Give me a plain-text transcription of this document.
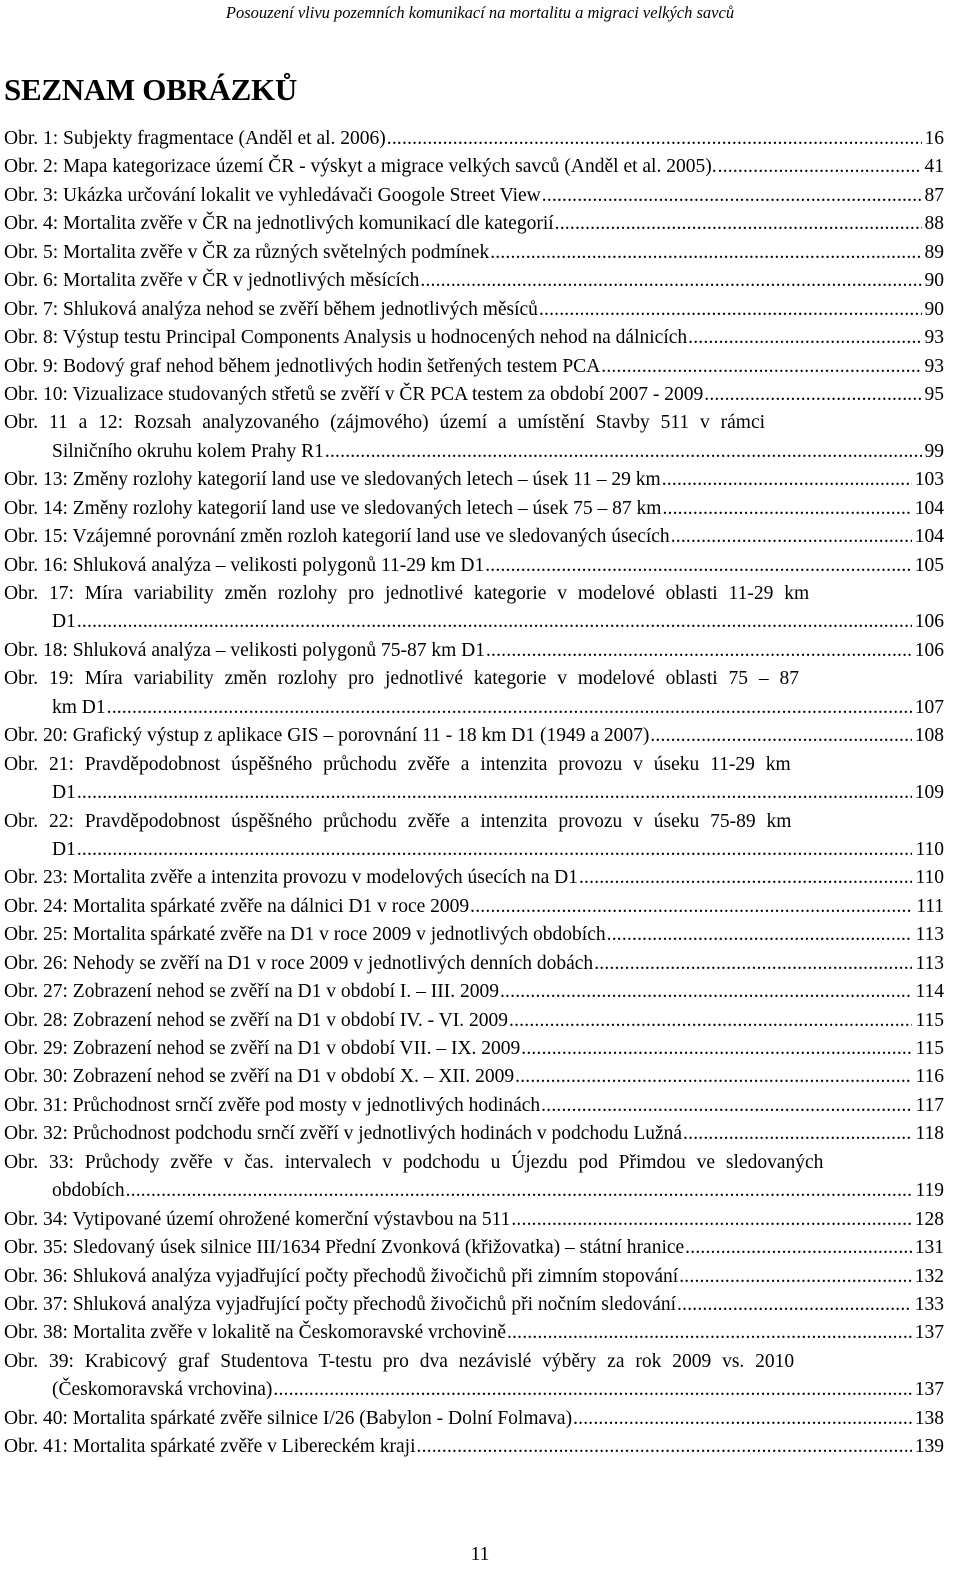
Posouzení vlivu pozemních komunikací na mortalitu a migraci velkých savců
SEZNAM OBRÁZKŮ
Obr. 1: Subjekty fragmentace (Anděl et al. 2006) .....	16
Obr. 2: Mapa kategorizace území ČR - výskyt a migrace velkých savců (Anděl et al. 2005). .....	41
Obr. 3: Ukázka určování lokalit ve vyhledávači Googole Street View .....	87
Obr. 4: Mortalita zvěře v ČR na jednotlivých komunikací dle kategorií .....	88
Obr. 5: Mortalita zvěře v ČR za různých světelných podmínek .....	89
Obr. 6: Mortalita zvěře v ČR v jednotlivých měsících .....	90
Obr. 7: Shluková analýza nehod se zvěří během jednotlivých měsíců .....	90
Obr. 8: Výstup testu Principal Components Analysis u hodnocených nehod na dálnicích .....	93
Obr. 9: Bodový graf nehod během jednotlivých hodin šetřených testem PCA .....	93
Obr. 10: Vizualizace studovaných střetů se zvěří v ČR PCA testem za období 2007 - 2009 .....	95
Obr. 11 a 12: Rozsah analyzovaného (zájmového) území a umístění Stavby 511 v rámci
Silničního okruhu kolem Prahy R1 .....	99
Obr. 13: Změny rozlohy kategorií land use ve sledovaných letech – úsek 11 – 29 km .....	103
Obr. 14: Změny rozlohy kategorií land use ve sledovaných letech – úsek 75 – 87 km .....	104
Obr. 15: Vzájemné porovnání změn rozloh kategorií land use ve sledovaných úsecích .....	104
Obr. 16: Shluková analýza – velikosti polygonů 11-29 km D1 .....	105
Obr. 17: Míra variability změn rozlohy pro jednotlivé kategorie v modelové oblasti 11-29 km
D1 .....	106
Obr. 18: Shluková analýza – velikosti polygonů 75-87 km D1 .....	106
Obr. 19: Míra variability změn rozlohy pro jednotlivé kategorie v modelové oblasti 75 – 87
km D1 .....	107
Obr. 20: Grafický výstup z aplikace GIS – porovnání 11 - 18 km D1 (1949 a 2007) .....	108
Obr. 21: Pravděpodobnost úspěšného průchodu zvěře a intenzita provozu v úseku 11-29 km
D1 .....	109
Obr. 22: Pravděpodobnost úspěšného průchodu zvěře a intenzita provozu v úseku 75-89 km
D1 .....	110
Obr. 23: Mortalita zvěře a intenzita provozu v modelových úsecích na D1 .....	110
Obr. 24: Mortalita spárkaté zvěře na dálnici D1 v roce 2009 .....	111
Obr. 25: Mortalita spárkaté zvěře na D1 v roce 2009 v jednotlivých obdobích .....	113
Obr. 26: Nehody se zvěří na D1 v roce 2009 v jednotlivých denních dobách .....	113
Obr. 27: Zobrazení nehod se zvěří na D1 v období I. – III. 2009 .....	114
Obr. 28: Zobrazení nehod se zvěří na D1 v období IV. - VI. 2009 .....	115
Obr. 29: Zobrazení nehod se zvěří na D1 v období VII. – IX. 2009 .....	115
Obr. 30: Zobrazení nehod se zvěří na D1 v období X. – XII. 2009 .....	116
Obr. 31: Průchodnost srnčí zvěře pod mosty v jednotlivých hodinách .....	117
Obr. 32: Průchodnost podchodu srnčí zvěří v jednotlivých hodinách v podchodu Lužná .....	118
Obr. 33: Průchody zvěře v čas. intervalech v podchodu u Újezdu pod Přimdou ve sledovaných
obdobích .....	119
Obr. 34: Vytipované území ohrožené komerční výstavbou na 511 .....	128
Obr. 35: Sledovaný úsek silnice III/1634 Přední Zvonková (křižovatka) – státní hranice .....	131
Obr. 36: Shluková analýza vyjadřující počty přechodů živočichů při zimním stopování .....	132
Obr. 37: Shluková analýza vyjadřující počty přechodů živočichů při nočním sledování .....	133
Obr. 38: Mortalita zvěře v lokalitě na Českomoravské vrchovině .....	137
Obr. 39: Krabicový graf Studentova T-testu pro dva nezávislé výběry za rok 2009 vs. 2010
(Českomoravská vrchovina) .....	137
Obr. 40: Mortalita spárkaté zvěře silnice I/26 (Babylon - Dolní Folmava) .....	138
Obr. 41: Mortalita spárkaté zvěře v Libereckém kraji .....	139
11
